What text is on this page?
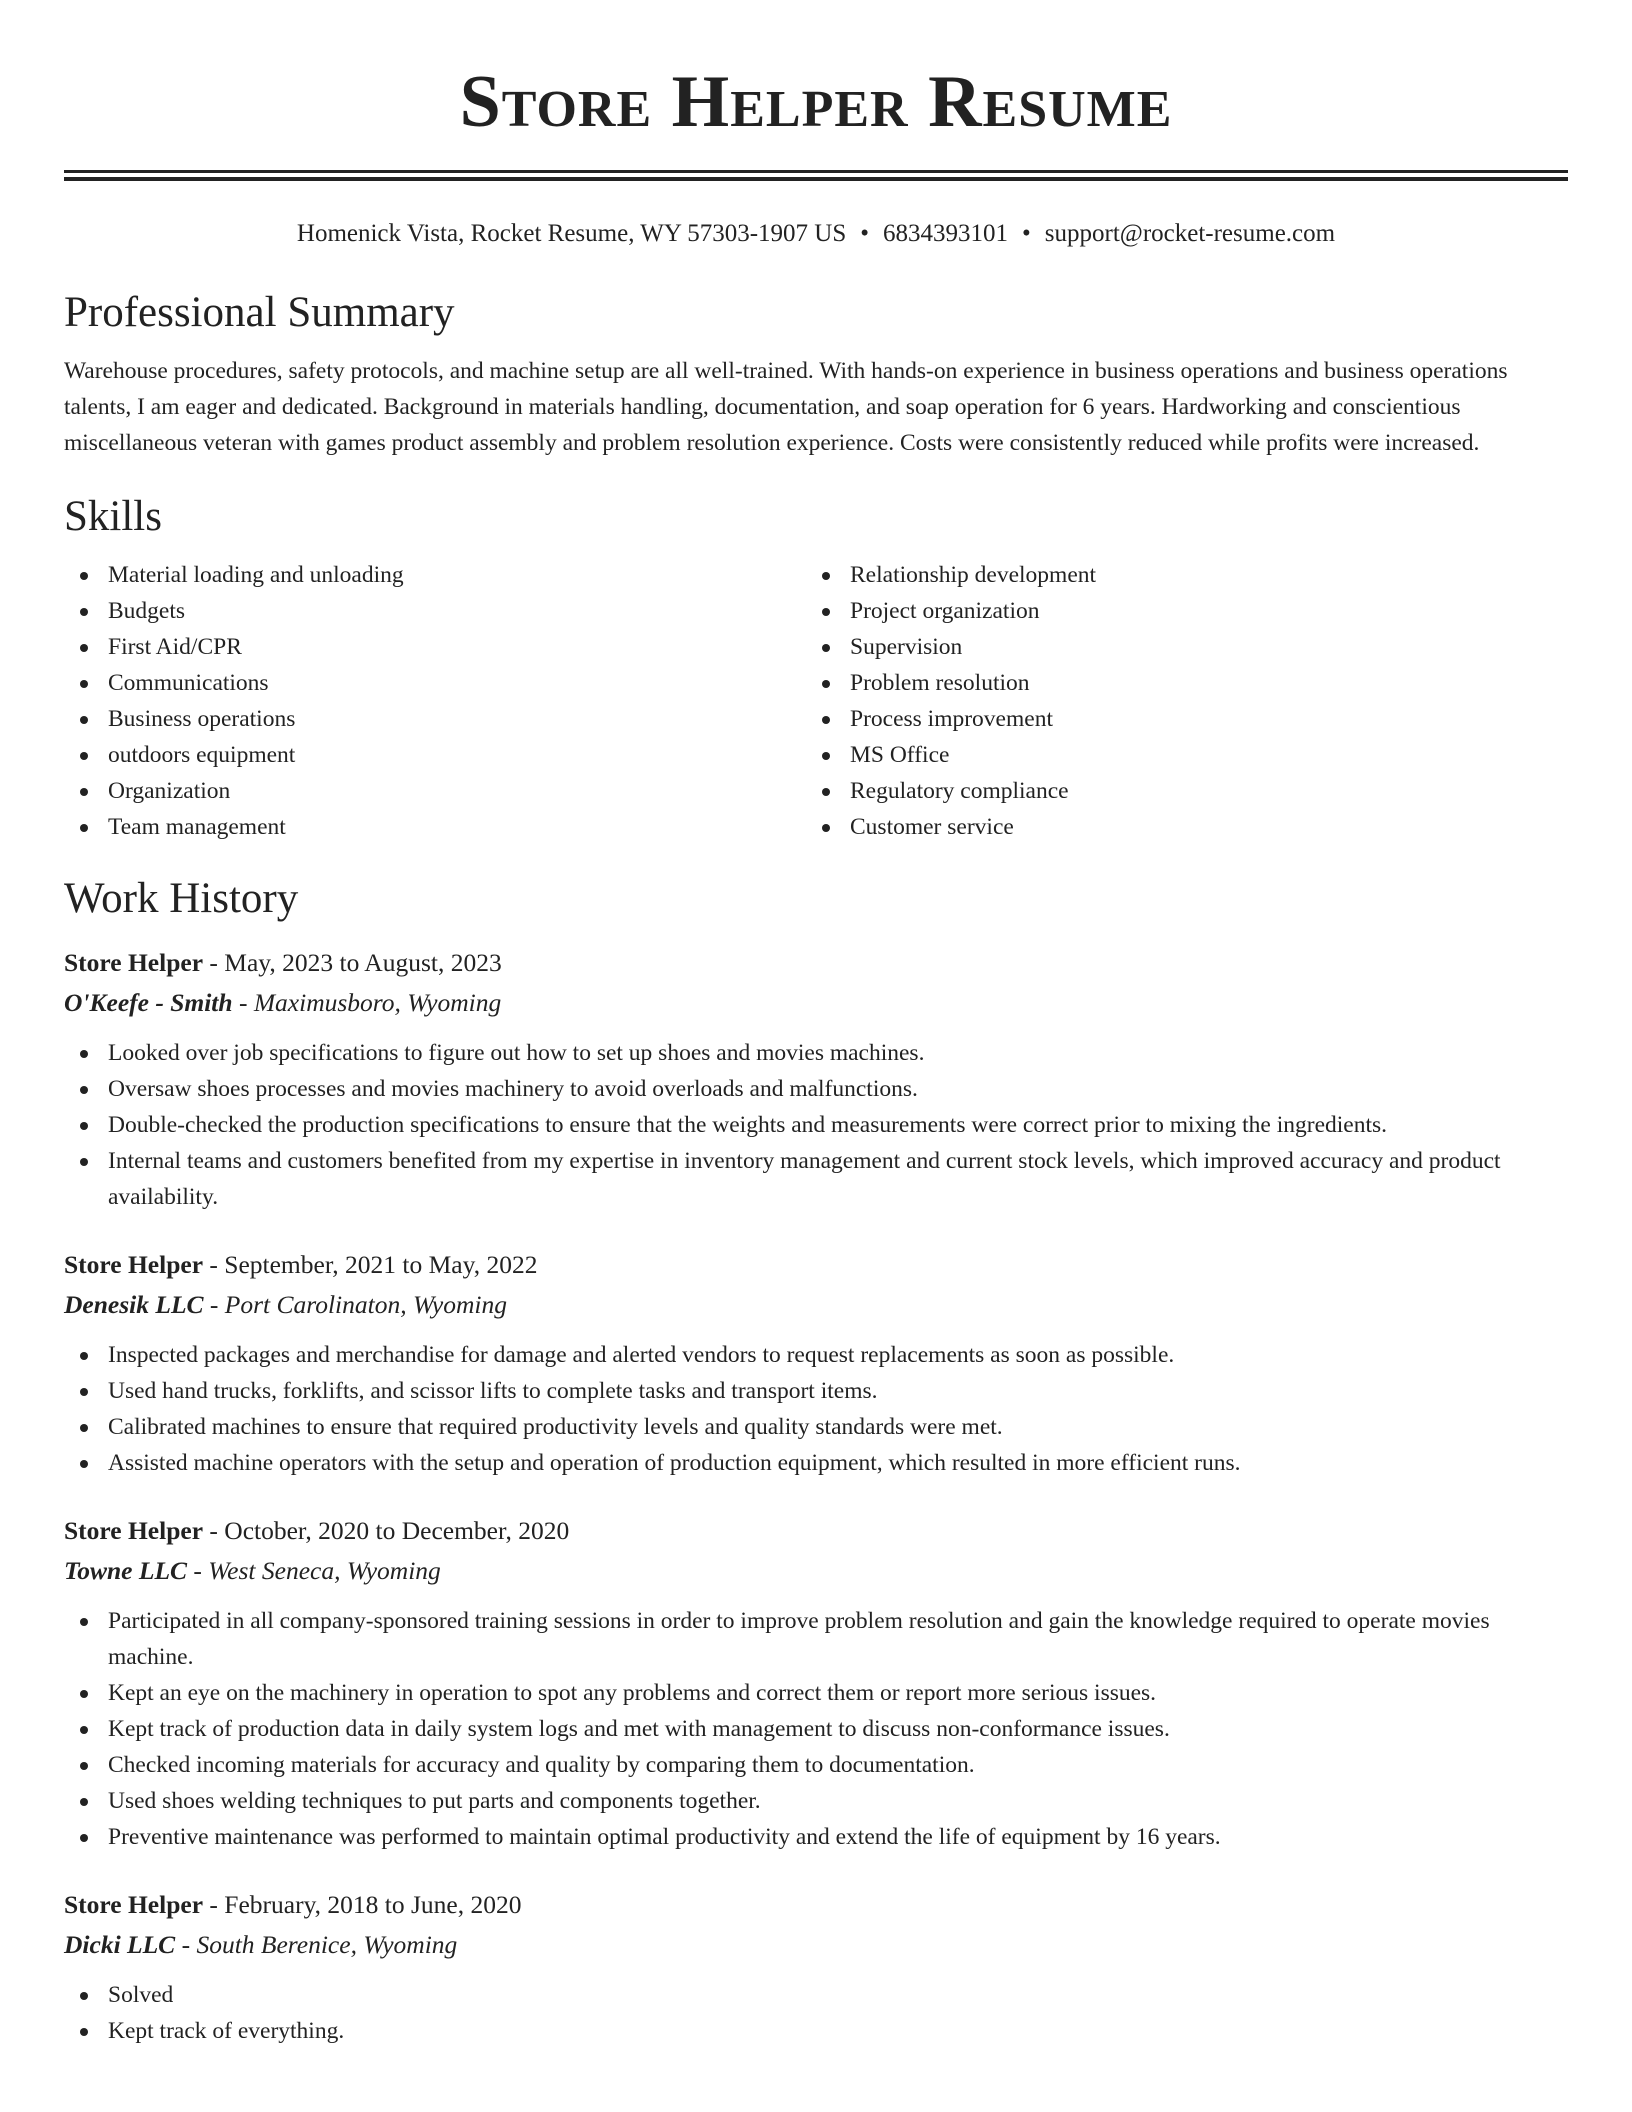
Store Helper Resume
Homenick Vista, Rocket Resume, WY 57303-1907 US • 6834393101 • support@rocket-resume.com
Professional Summary

Warehouse procedures, safety protocols, and machine setup are all well-trained. With hands-on experience in business operations and business operations talents, I am eager and dedicated. Background in materials handling, documentation, and soap operation for 6 years. Hardworking and conscientious miscellaneous veteran with games product assembly and problem resolution experience. Costs were consistently reduced while profits were increased.

Skills
Material loading and unloading
Budgets
First Aid/CPR
Communications
Business operations
outdoors equipment
Organization
Team management
Relationship development
Project organization
Supervision
Problem resolution
Process improvement
MS Office
Regulatory compliance
Customer service
Work History
Store Helper - May, 2023 to August, 2023
O'Keefe - Smith - Maximusboro, Wyoming
Looked over job specifications to figure out how to set up shoes and movies machines.
Oversaw shoes processes and movies machinery to avoid overloads and malfunctions.
Double-checked the production specifications to ensure that the weights and measurements were correct prior to mixing the ingredients.
Internal teams and customers benefited from my expertise in inventory management and current stock levels, which improved accuracy and product availability.
Store Helper - September, 2021 to May, 2022
Denesik LLC - Port Carolinaton, Wyoming
Inspected packages and merchandise for damage and alerted vendors to request replacements as soon as possible.
Used hand trucks, forklifts, and scissor lifts to complete tasks and transport items.
Calibrated machines to ensure that required productivity levels and quality standards were met.
Assisted machine operators with the setup and operation of production equipment, which resulted in more efficient runs.
Store Helper - October, 2020 to December, 2020
Towne LLC - West Seneca, Wyoming
Participated in all company-sponsored training sessions in order to improve problem resolution and gain the knowledge required to operate movies machine.
Kept an eye on the machinery in operation to spot any problems and correct them or report more serious issues.
Kept track of production data in daily system logs and met with management to discuss non-conformance issues.
Checked incoming materials for accuracy and quality by comparing them to documentation.
Used shoes welding techniques to put parts and components together.
Preventive maintenance was performed to maintain optimal productivity and extend the life of equipment by 16 years.
Store Helper - February, 2018 to June, 2020
Dicki LLC - South Berenice, Wyoming
Solved
Kept track of everything.
